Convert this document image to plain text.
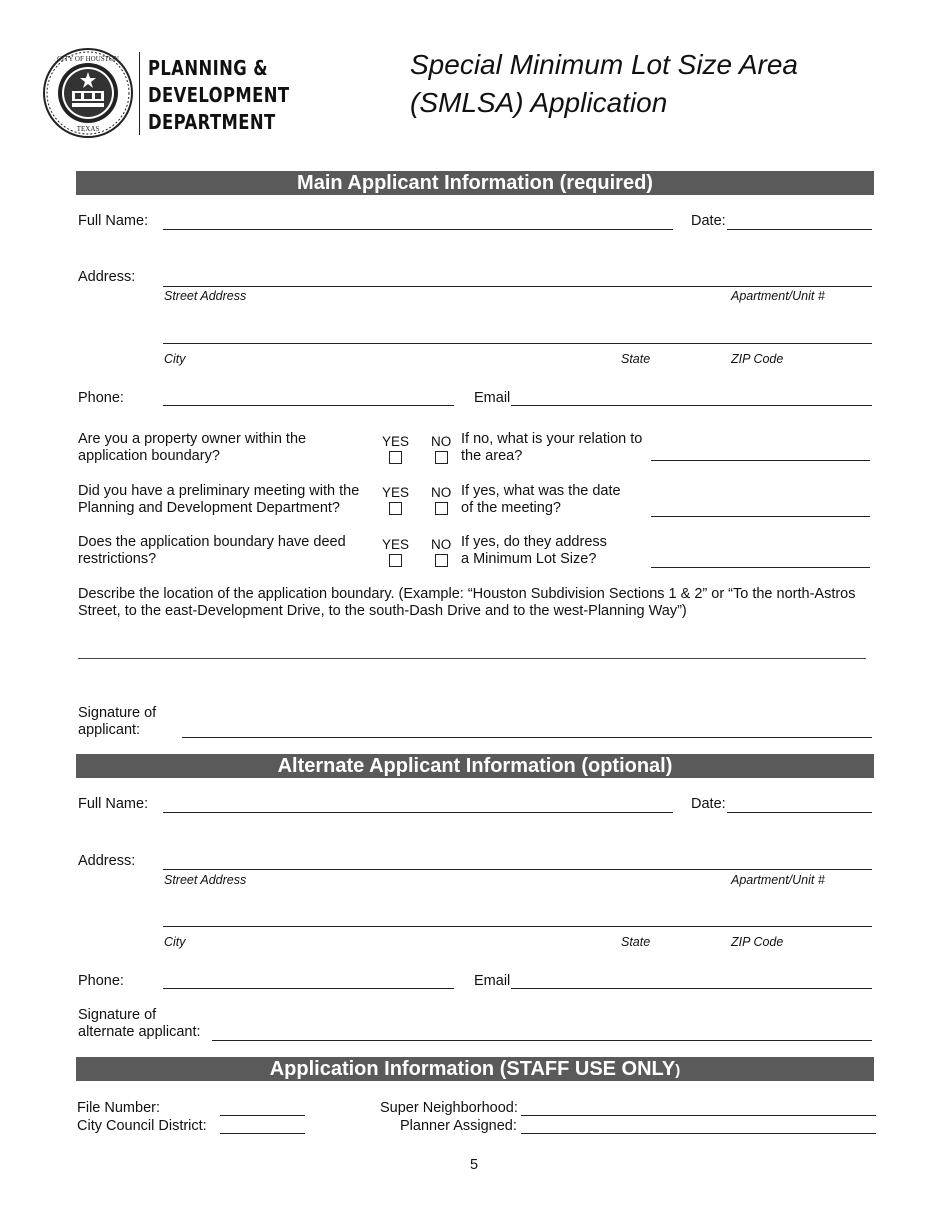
CITY OF HOUSTON
TEXAS
PLANNING &
DEVELOPMENT
DEPARTMENT
Special Minimum Lot Size Area
(SMLSA) Application
Main Applicant Information (required)
Full Name:	Date:
Address:
Street Address	Apartment/Unit #
City	State	ZIP Code
Phone:	Email
Are you a property owner within the
application boundary?
YES NO If no, what is your relation to
the area?
Did you have a preliminary meeting with the
Planning and Development Department?
YES NO If yes, what was the date
of the meeting?
Does the application boundary have deed
restrictions?
YES NO If yes, do they address
a Minimum Lot Size?
Describe the location of the application boundary. (Example: “Houston Subdivision Sections 1 & 2” or “To the north-Astros
Street, to the east-Development Drive, to the south-Dash Drive and to the west-Planning Way”)
Signature of
applicant:
Alternate Applicant Information (optional)
Full Name:	Date:
Address:
Street Address	Apartment/Unit #
City	State	ZIP Code
Phone:	Email
Signature of
alternate applicant:
Application Information (STAFF USE ONLY)
File Number:
City Council District:
Super Neighborhood:
Planner Assigned:
5
